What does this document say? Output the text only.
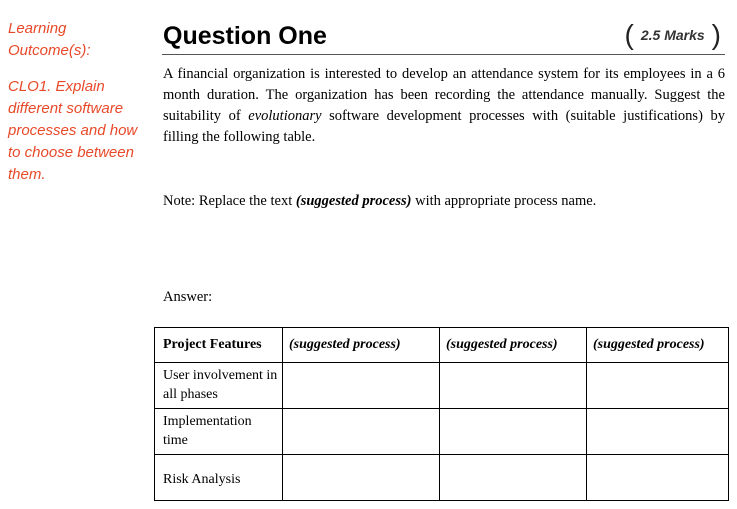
Learning Outcome(s):
CLO1. Explain different software processes and how to choose between them.
Question One	( 2.5 Marks )
A financial organization is interested to develop an attendance system for its employees in a 6 month duration. The organization has been recording the attendance manually. Suggest the suitability of evolutionary software development processes with (suitable justifications) by filling the following table.
Note: Replace the text (suggested process) with appropriate process name.
Answer:
Project Features	(suggested process)	(suggested process)	(suggested process)
User involvement in all phases			
Implementation time			
Risk Analysis			
